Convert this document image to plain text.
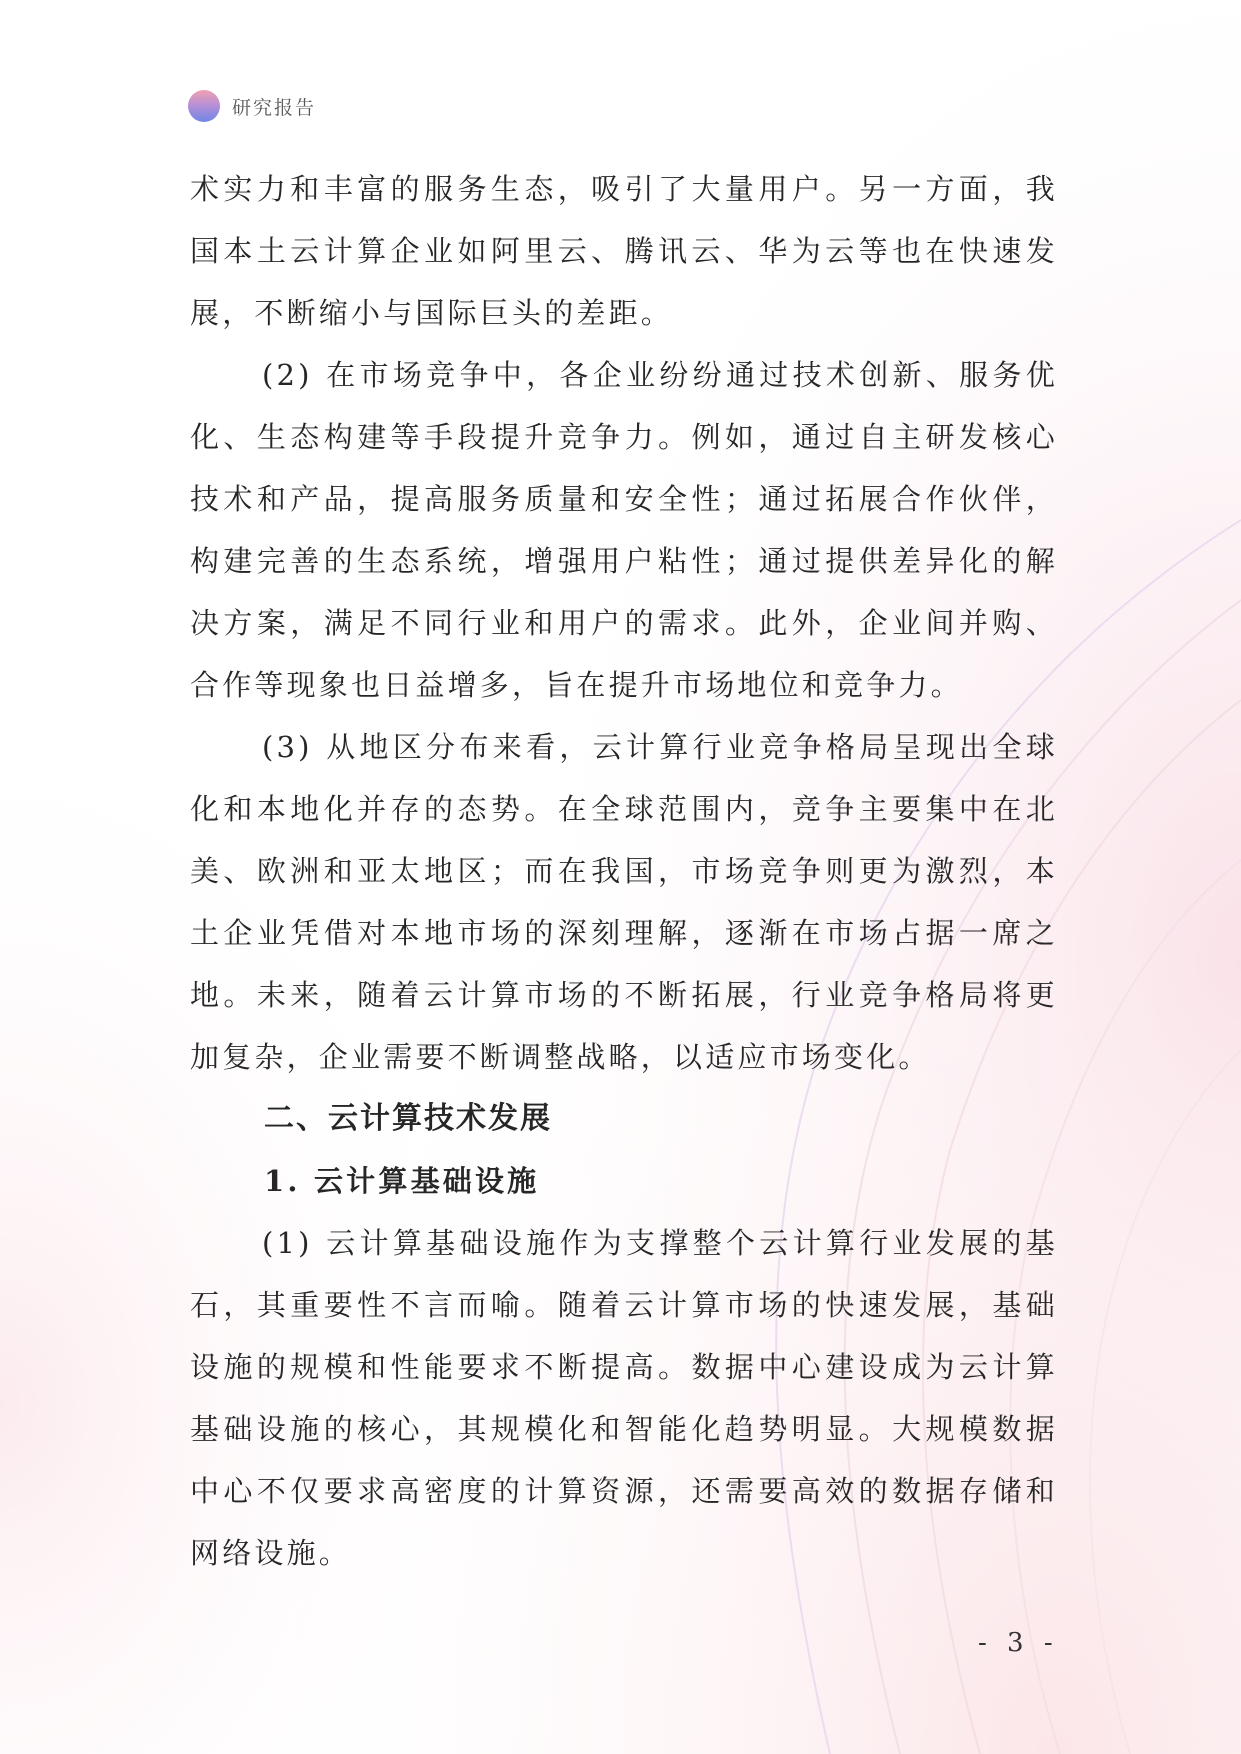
研究报告

术实力和丰富的服务生态，吸引了大量用户。另一方面，我国本土云计算企业如阿里云、腾讯云、华为云等也在快速发展，不断缩小与国际巨头的差距。

(2) 在市场竞争中，各企业纷纷通过技术创新、服务优化、生态构建等手段提升竞争力。例如，通过自主研发核心技术和产品，提高服务质量和安全性；通过拓展合作伙伴，构建完善的生态系统，增强用户粘性；通过提供差异化的解决方案，满足不同行业和用户的需求。此外，企业间并购、合作等现象也日益增多，旨在提升市场地位和竞争力。

(3) 从地区分布来看，云计算行业竞争格局呈现出全球化和本地化并存的态势。在全球范围内，竞争主要集中在北美、欧洲和亚太地区；而在我国，市场竞争则更为激烈，本土企业凭借对本地市场的深刻理解，逐渐在市场占据一席之地。未来，随着云计算市场的不断拓展，行业竞争格局将更加复杂，企业需要不断调整战略，以适应市场变化。

二、云计算技术发展
1. 云计算基础设施

(1) 云计算基础设施作为支撑整个云计算行业发展的基石，其重要性不言而喻。随着云计算市场的快速发展，基础设施的规模和性能要求不断提高。数据中心建设成为云计算基础设施的核心，其规模化和智能化趋势明显。大规模数据中心不仅要求高密度的计算资源，还需要高效的数据存储和网络设施。

- 3 -
